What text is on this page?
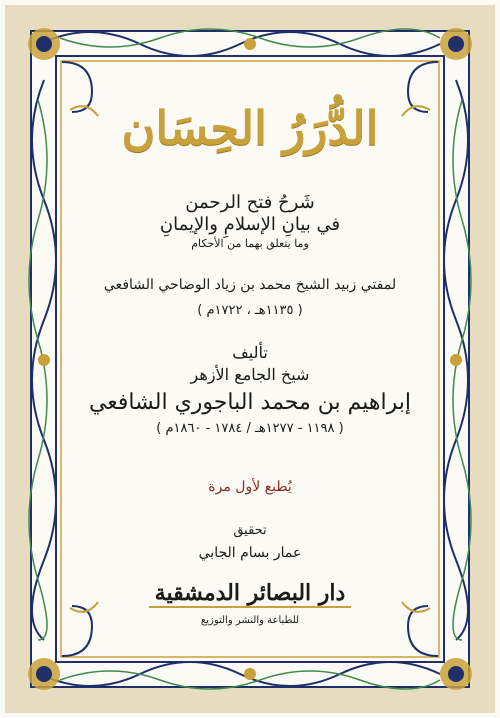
الدُّرَرُ الحِسَان
شَرحُ فتح الرحمن
في بيانِ الإسلامِ والإيمانِ
وما يتعلق بهما من الأحكام
لمفتي زبيد الشيخ محمد بن زياد الوضاحي الشافعي
( ١١٣٥هـ ، ١٧٢٢م )
تأليف
شيخ الجامع الأزهر
إبراهيم بن محمد الباجوري الشافعي
( ١١٩٨ - ١٢٧٧هـ / ١٧٨٤ - ١٨٦٠م )
يُطبع لأول مرة
تحقيق
عمار بسام الجابي
دار البصائر الدمشقية
للطباعة والنشر والتوزيع
